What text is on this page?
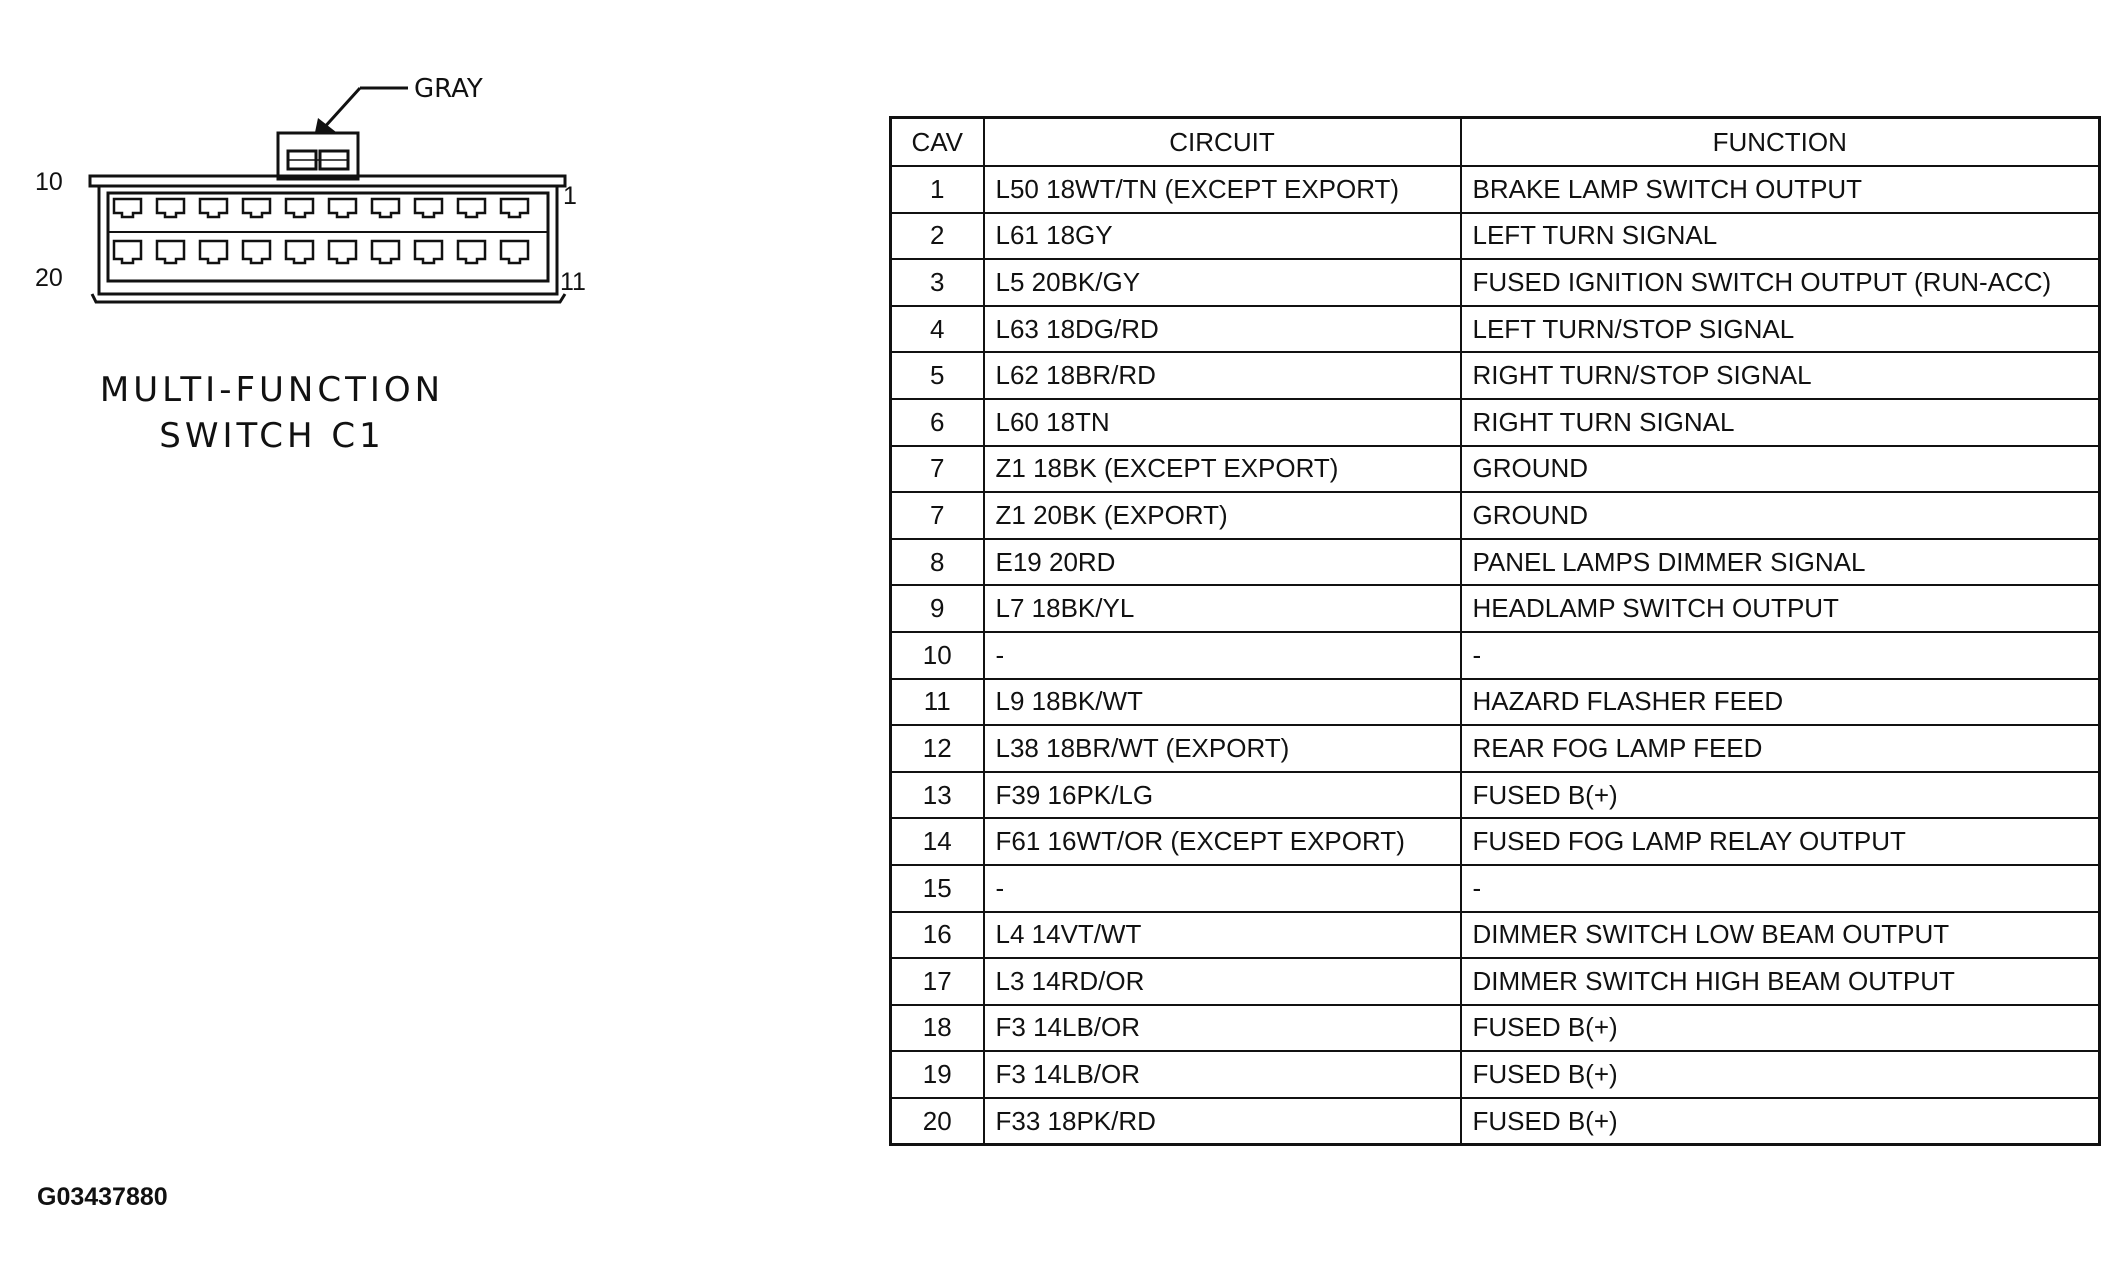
GRAY
10	1
20	11
MULTI-FUNCTION
SWITCH C1
CAV	CIRCUIT	FUNCTION
1	L50 18WT/TN (EXCEPT EXPORT)	BRAKE LAMP SWITCH OUTPUT
2	L61 18GY	LEFT TURN SIGNAL
3	L5 20BK/GY	FUSED IGNITION SWITCH OUTPUT (RUN-ACC)
4	L63 18DG/RD	LEFT TURN/STOP SIGNAL
5	L62 18BR/RD	RIGHT TURN/STOP SIGNAL
6	L60 18TN	RIGHT TURN SIGNAL
7	Z1 18BK (EXCEPT EXPORT)	GROUND
7	Z1 20BK (EXPORT)	GROUND
8	E19 20RD	PANEL LAMPS DIMMER SIGNAL
9	L7 18BK/YL	HEADLAMP SWITCH OUTPUT
10	-	-
11	L9 18BK/WT	HAZARD FLASHER FEED
12	L38 18BR/WT (EXPORT)	REAR FOG LAMP FEED
13	F39 16PK/LG	FUSED B(+)
14	F61 16WT/OR (EXCEPT EXPORT)	FUSED FOG LAMP RELAY OUTPUT
15	-	-
16	L4 14VT/WT	DIMMER SWITCH LOW BEAM OUTPUT
17	L3 14RD/OR	DIMMER SWITCH HIGH BEAM OUTPUT
18	F3 14LB/OR	FUSED B(+)
19	F3 14LB/OR	FUSED B(+)
20	F33 18PK/RD	FUSED B(+)
G03437880
